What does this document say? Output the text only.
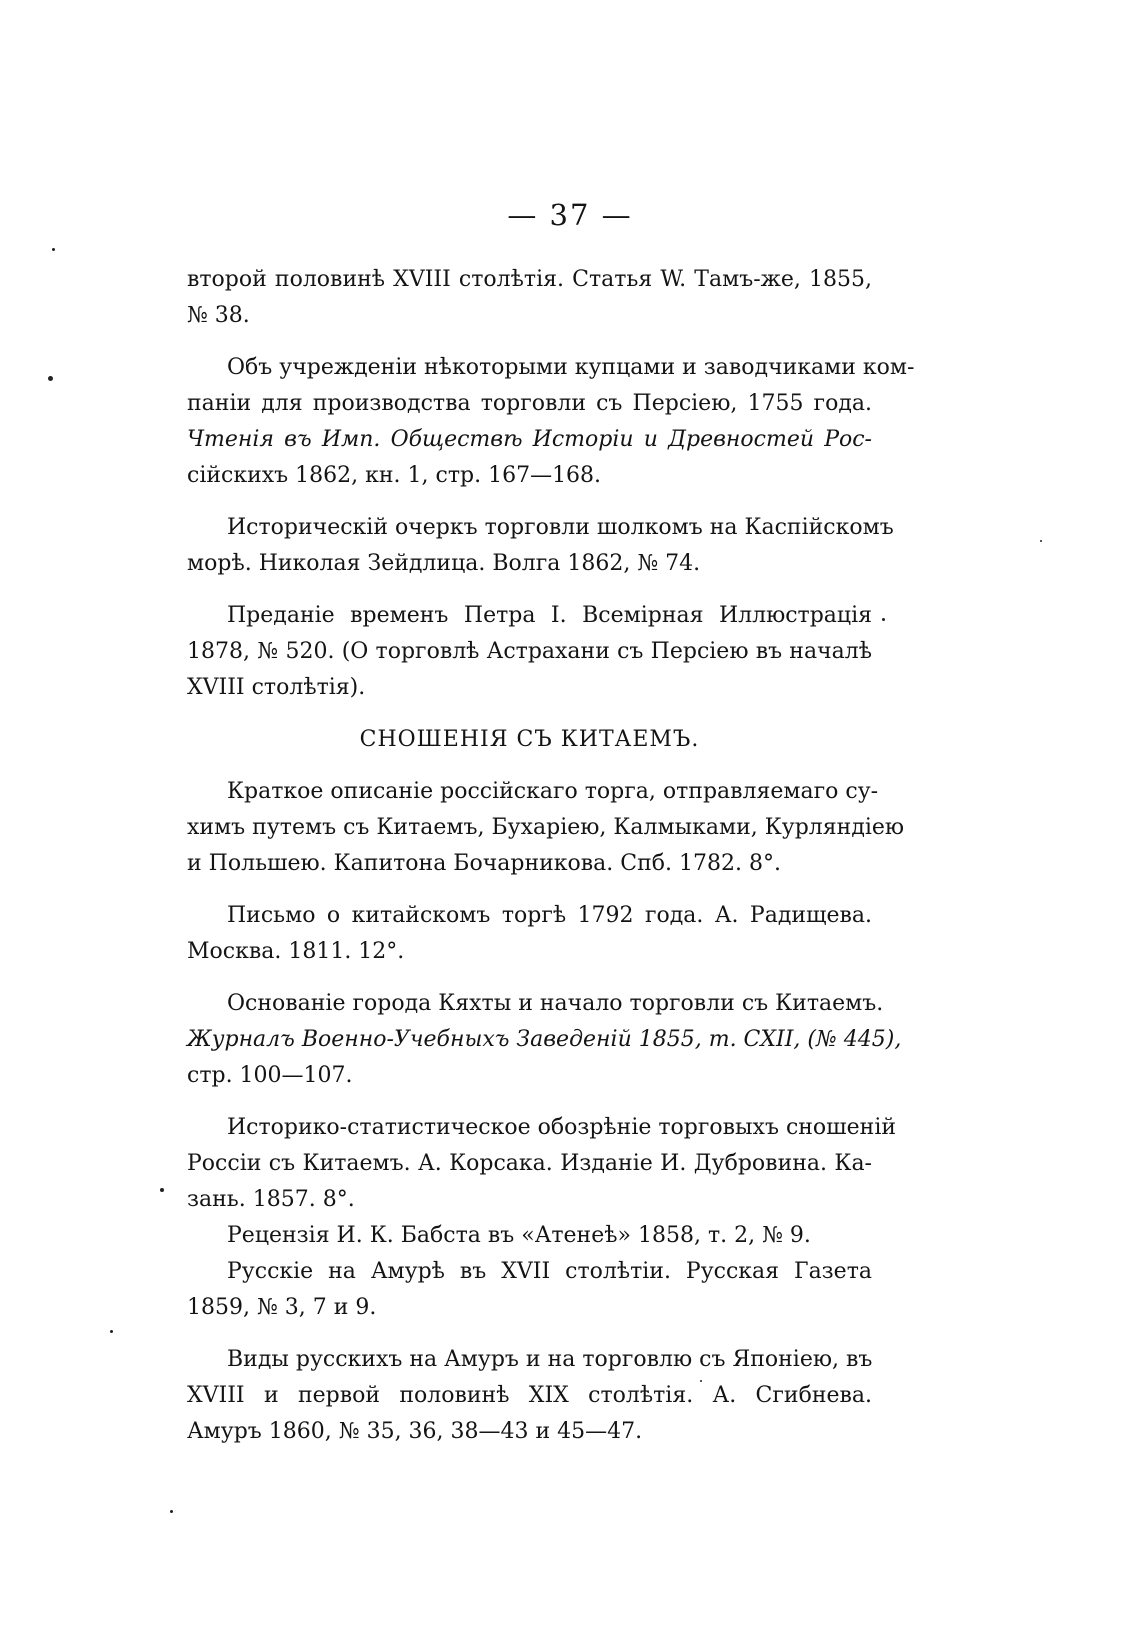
— 37 —
второй половинѣ XVIII столѣтія. Статья W. Тамъ-же, 1855,
№ 38.
Объ учрежденіи нѣкоторыми купцами и заводчиками ком-
паніи для производства торговли съ Персіею, 1755 года.
Чтенія въ Имп. Обществѣ Исторіи и Древностей Рос-
сійскихъ 1862, кн. 1, стр. 167—168.
Историческій очеркъ торговли шолкомъ на Каспійскомъ
морѣ. Николая Зейдлица. Волга 1862, № 74.
Преданіе временъ Петра I. Всемірная Иллюстрація
1878, № 520. (О торговлѣ Астрахани съ Персіею въ началѣ
XVIII столѣтія).
СНОШЕНІЯ СЪ КИТАЕМЪ.
Краткое описаніе россійскаго торга, отправляемаго су-
химъ путемъ съ Китаемъ, Бухаріею, Калмыками, Курляндіею
и Польшею. Капитона Бочарникова. Спб. 1782. 8°.
Письмо о китайскомъ торгѣ 1792 года. А. Радищева.
Москва. 1811. 12°.
Основаніе города Кяхты и начало торговли съ Китаемъ.
Журналъ Военно-Учебныхъ Заведеній 1855, т. CXII, (№ 445),
стр. 100—107.
Историко-статистическое обозрѣніе торговыхъ сношеній
Россіи съ Китаемъ. А. Корсака. Изданіе И. Дубровина. Ка-
зань. 1857. 8°.
Рецензія И. К. Бабста въ «Атенеѣ» 1858, т. 2, № 9.
Русскіе на Амурѣ въ XVII столѣтіи. Русская Газета
1859, № 3, 7 и 9.
Виды русскихъ на Амуръ и на торговлю съ Японіею, въ
XVIII и первой половинѣ XIX столѣтія. А. Сгибнева.
Амуръ 1860, № 35, 36, 38—43 и 45—47.
